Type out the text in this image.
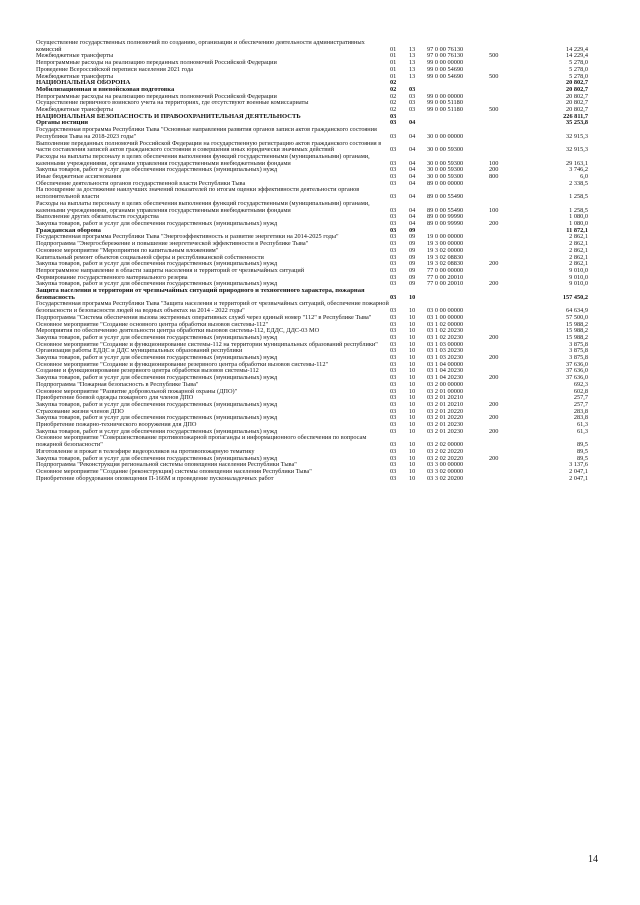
Осуществление государственных полномочий по созданию, организации и обеспечению деятельности административных комиссий	01	13	97 0 00 76130		14 229,4
Межбюджетные трансферты	01	13	97 0 00 76130	500	14 229,4
Непрограммные расходы на реализацию переданных полномочий Российской Федерации	01	13	99 0 00 00000		5 278,0
Проведение Всероссийской переписи населения 2021 года	01	13	99 0 00 54690		5 278,0
Межбюджетные трансферты	01	13	99 0 00 54690	500	5 278,0
НАЦИОНАЛЬНАЯ ОБОРОНА	02				20 802,7
Мобилизационная и вневойсковая подготовка	02	03			20 802,7
Непрограммные расходы на реализацию переданных полномочий Российской Федерации	02	03	99 0 00 00000		20 802,7
Осуществление первичного воинского учета на территориях, где отсутствуют военные комиссариаты	02	03	99 0 00 51180		20 802,7
Межбюджетные трансферты	02	03	99 0 00 51180	500	20 802,7
НАЦИОНАЛЬНАЯ БЕЗОПАСНОСТЬ И ПРАВООХРАНИТЕЛЬНАЯ ДЕЯТЕЛЬНОСТЬ	03				226 811,7
Органы юстиции	03	04			35 253,8
Государственная программа Республики Тыва "Основные направления развития органов записи актов гражданского состояния Республики Тыва на 2018-2023 годы"	03	04	30 0 00 00000		32 915,3
Выполнение переданных полномочий Российской Федерации на государственную регистрацию актов гражданского состояния в части составления записей актов гражданского состояния и совершения иных юридически значимых действий	03	04	30 0 00 59300		32 915,3
Расходы на выплаты персоналу в целях обеспечения выполнения функций государственными (муниципальными) органами, казенными учреждениями, органами управления государственными внебюджетными фондами	03	04	30 0 00 59300	100	29 163,1
Закупка товаров, работ и услуг для обеспечения государственных (муниципальных) нужд	03	04	30 0 00 59300	200	3 746,2
Иные бюджетные ассигнования	03	04	30 0 00 59300	800	6,0
Обеспечение деятельности органов государственной власти Республики Тыва	03	04	89 0 00 00000		2 338,5
На поощрение за достижение наилучших значений показателей по итогам оценки эффективности деятельности органов исполнительной власти	03	04	89 0 00 55490		1 258,5
Расходы на выплаты персоналу в целях обеспечения выполнения функций государственными (муниципальными) органами, казенными учреждениями, органами управления государственными внебюджетными фондами	03	04	89 0 00 55490	100	1 258,5
Выполнение других обязательств государства	03	04	89 0 00 99990		1 080,0
Закупка товаров, работ и услуг для обеспечения государственных (муниципальных) нужд	03	04	89 0 00 99990	200	1 080,0
Гражданская оборона	03	09			11 872,1
Государственная программа Республики Тыва "Энергоэффективность и развитие энергетики на 2014-2025 годы"	03	09	19 0 00 00000		2 862,1
Подпрограмма "Энергосбережение и повышение энергетической эффективности в Республике Тыва"	03	09	19 3 00 00000		2 862,1
Основное мероприятие "Мероприятия по капитальным вложениям"	03	09	19 3 02 00000		2 862,1
Капитальный ремонт объектов социальной сферы и республиканской собственности	03	09	19 3 02 08830		2 862,1
Закупка товаров, работ и услуг для обеспечения государственных (муниципальных) нужд	03	09	19 3 02 08830	200	2 862,1
Непрограммное направление в области защиты населения и территорий от чрезвычайных ситуаций	03	09	77 0 00 00000		9 010,0
Формирование государственного материального резерва	03	09	77 0 00 20010		9 010,0
Закупка товаров, работ и услуг для обеспечения государственных (муниципальных) нужд	03	09	77 0 00 20010	200	9 010,0
Защита населения и территории от чрезвычайных ситуаций природного и техногенного характера, пожарная безопасность	03	10			157 450,2
Государственная программа Республики Тыва "Защита населения и территорий от чрезвычайных ситуаций, обеспечение пожарной безопасности и безопасности людей на водных объектах на 2014 - 2022 годы"	03	10	03 0 00 00000		64 634,9
Подпрограмма "Система обеспечения вызова экстренных оперативных служб через единый номер "112" в Республике Тыва"	03	10	03 1 00 00000		57 500,0
Основное мероприятие "Создание основного центра обработки вызовов системы-112"	03	10	03 1 02 00000		15 988,2
Мероприятия по обеспечению деятельности центра обработки вызовов системы-112, ЕДДС, ДДС-03 МО	03	10	03 1 02 20230		15 988,2
Закупка товаров, работ и услуг для обеспечения государственных (муниципальных) нужд	03	10	03 1 02 20230	200	15 988,2
Основное мероприятие "Создание и функционирование системы-112 на территории муниципальных образований республики"	03	10	03 1 03 00000		3 875,8
Организация работы ЕДДС и ДДС муниципальных образований республики	03	10	03 1 03 20230		3 875,8
Закупка товаров, работ и услуг для обеспечения государственных (муниципальных) нужд	03	10	03 1 03 20230	200	3 875,8
Основное мероприятие "Создание и функционирование резервного центра обработки вызовов системы-112"	03	10	03 1 04 00000		37 636,0
Создание и функционирование резервного центра обработки вызовов системы-112	03	10	03 1 04 20230		37 636,0
Закупка товаров, работ и услуг для обеспечения государственных (муниципальных) нужд	03	10	03 1 04 20230	200	37 636,0
Подпрограмма "Пожарная безопасность в Республике Тыва"	03	10	03 2 00 00000		692,3
Основное мероприятие "Развитие добровольной пожарной охраны (ДПО)"	03	10	03 2 01 00000		602,8
Приобретение боевой одежды пожарного для членов ДПО	03	10	03 2 01 20210		257,7
Закупка товаров, работ и услуг для обеспечения государственных (муниципальных) нужд	03	10	03 2 01 20210	200	257,7
Страхование жизни членов ДПО	03	10	03 2 01 20220		283,8
Закупка товаров, работ и услуг для обеспечения государственных (муниципальных) нужд	03	10	03 2 01 20220	200	283,8
Приобретение пожарно-технического вооружения для ДПО	03	10	03 2 01 20230		61,3
Закупка товаров, работ и услуг для обеспечения государственных (муниципальных) нужд	03	10	03 2 01 20230	200	61,3
Основное мероприятие "Совершенствование противопожарной пропаганды и информационного обеспечения по вопросам пожарной безопасности"	03	10	03 2 02 00000		89,5
Изготовление и прокат в телеэфире видеороликов на противопожарную тематику	03	10	03 2 02 20220		89,5
Закупка товаров, работ и услуг для обеспечения государственных (муниципальных) нужд	03	10	03 2 02 20220	200	89,5
Подпрограмма "Реконструкция региональной системы оповещения населения Республики Тыва"	03	10	03 3 00 00000		3 137,6
Основное мероприятие "Создание (реконструкция) системы оповещения населения Республики Тыва"	03	10	03 3 02 00000		2 047,1
Приобретение оборудования оповещения П-166М и проведение пусконаладочных работ	03	10	03 3 02 20200		2 047,1
14
